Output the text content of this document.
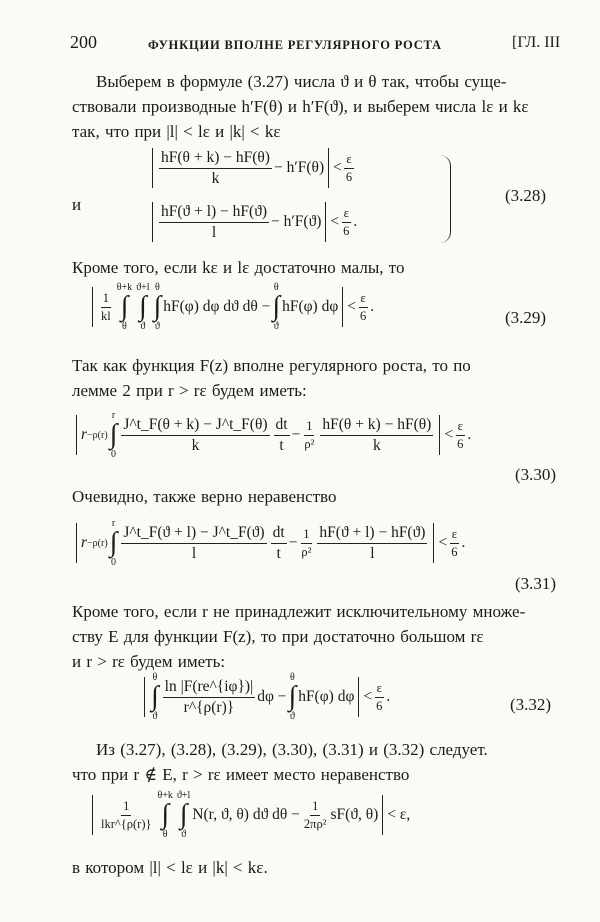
200	ФУНКЦИИ ВПОЛНЕ РЕГУЛЯРНОГО РОСТА	[ГЛ. III
Выберем в формуле (3.27) числа ϑ и θ так, чтобы суще-
ствовали производные h′F(θ) и h′F(ϑ), и выберем числа lε и kε
так, что при |l| < lε и |k| < kε
$\frac{hF(\theta + k) - hF(\theta)}{k} - h'F(\theta) < \frac{\varepsilon}{6}$
и	$\frac{hF(ϑ + l) - hF(ϑ)}{l} - h'F(ϑ) < \frac{\varepsilon}{6}$ .
(3.28)
Кроме того, если kε и lε достаточно малы, то
$\frac{1}{kl}$
θ+k
∫
θ
ϑ+l
∫
ϑ
θ
∫
ϑ
hF(φ) dφ dϑ dθ −
θ
∫
ϑ
hF(φ) $d\varphi < \frac{\varepsilon}{6}$ .
(3.29)
Так как функция F(z) вполне регулярного роста, то по
лемме 2 при r > rε будем иметь:
r −ρ(r)
r
∫
$0 \frac{J\^{}t\_F(\theta + k) - J\^{}t\_F(\theta)}{k} \frac{dt}{t} - \frac{1}{\text{ρ²}} \frac{hF(\theta + k) - hF(\theta)}{k} < \frac{\varepsilon}{6}$ .
(3.30)
Очевидно, также верно неравенство
r −ρ(r)
r
∫
$0 \frac{J\^{}t\_F(ϑ + l) - J\^{}t\_F(ϑ)}{l} \frac{dt}{t} - \frac{1}{\text{ρ²}} \frac{hF(ϑ + l) - hF(ϑ)}{l} < \frac{\varepsilon}{6}$ .
(3.31)
Кроме того, если r не принадлежит исключительному множе-
ству E для функции F(z), то при достаточно большом rε
и r > rε будем иметь:
θ
∫
ϑ $\frac{\ln |F(re\^{}\{i\varphi\})|}{r\^{}\{\rho(r)\}}$ dφ −
θ
∫
ϑ
hF(φ) $d\varphi < \frac{\varepsilon}{6}$ .	(3.32)
Из (3.27), (3.28), (3.29), (3.30), (3.31) и (3.32) следует.
что при r ∉ E, r > rε имеет место неравенство
$\frac{1}{\text{lkr\textasciicircum{}\{ρ(r)\}}}$
θ+k
∫
θ
ϑ+l
∫
ϑ
N(r, ϑ, θ) dϑ $d\theta - \frac{1}{\text{2πρ²}} sF(ϑ$, θ) < ε,
в котором |l| < lε и |k| < kε.
